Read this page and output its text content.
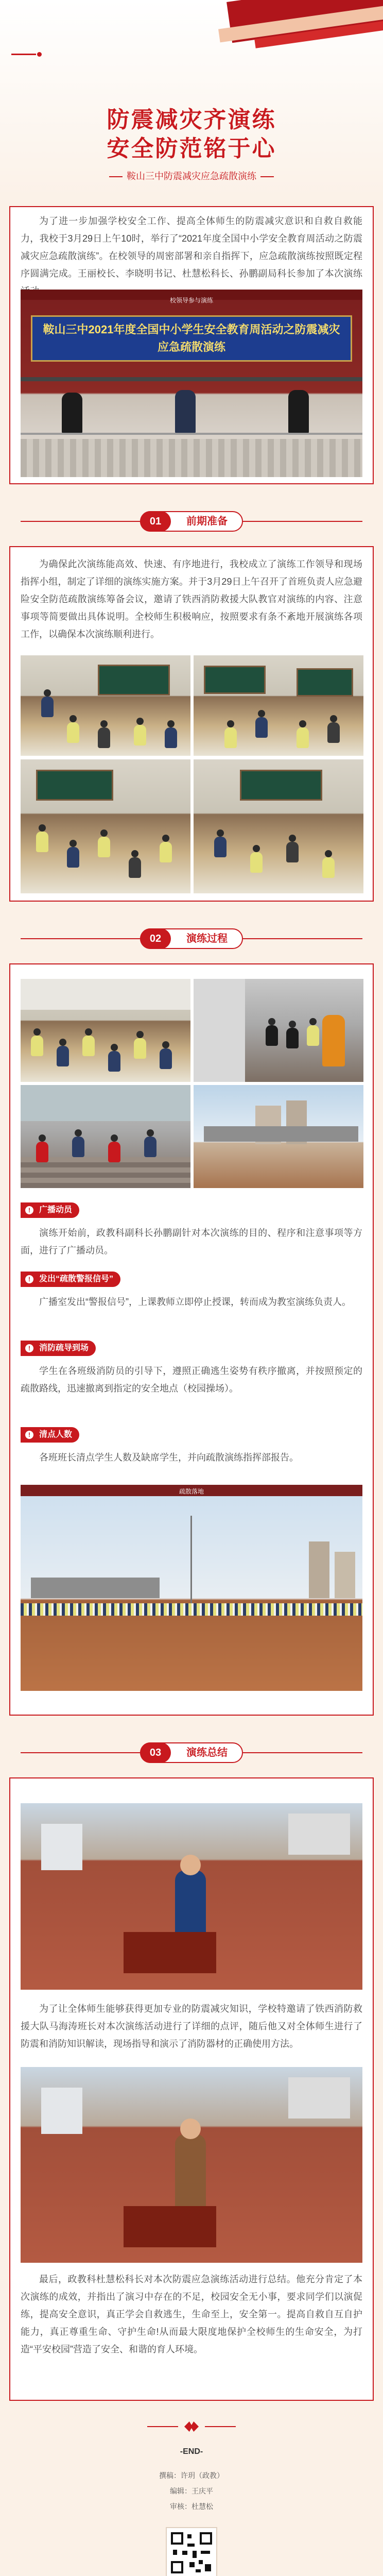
防震减灾齐演练
安全防范铭于心
鞍山三中防震减灾应急疏散演练
为了进一步加强学校安全工作、提高全体师生的防震减灾意识和自救自救能力，我校于3月29日上午10时，举行了“2021年度全国中小学安全教育周活动之防震减灾应急疏散演练”。在校领导的周密部署和亲自指挥下，应急疏散演练按照既定程序圆满完成。王丽校长、李晓明书记、杜慧松科长、孙鹏副局科长参加了本次演练
校领导参与演练
鞍山三中2021年度全国中小学生安全教育周活动之防震减灾应急疏散演练
01	前期准备
为确保此次演练能高效、快速、有序地进行，我校成立了演练工作领导和现场指挥小组，制定了详细的演练实施方案。并于3月29日上午召开了首班负责人应急避险安全防范疏散演练筹备会议，邀请了铁西消防救援大队教官对演练的内容、注意事项等简要做出具体说明。全校师生积极响应，按照要求有条不紊地开展演练各项工作，以确保本次演练顺利进行。
02	演练过程
!	广播动员
演练开始前，政教科副科长孙鹏副针对本次演练的目的、程序和注意事项等方面，进行了广播动员。
!	发出“疏散警报信号”
广播室发出“警报信号”，上课教师立即停止授课，转而成为教室演练负责人。
!	消防疏导到场
学生在各班级消防员的引导下，遵照正确逃生姿势有秩序撤离，并按照预定的疏散路线，迅速撤离到指定的安全地点（校园操场）。
!	清点人数
各班班长清点学生人数及缺席学生，并向疏散演练指挥部报告。
疏散落地
03	演练总结
为了让全体师生能够获得更加专业的防震减灾知识，学校特邀请了铁西消防救援大队马海涛班长对本次演练活动进行了详细的点评，随后他又对全体师生进行了防震和消防知识解读，现场指导和演示了消防器材的正确使用方法。
最后，政教科杜慧松科长对本次防震应急演练活动进行总结。他充分肯定了本次演练的成效，并指出了演习中存在的不足，校园安全无小事，要求同学们以演促练，提高安全意识，真正学会自救逃生，生命至上，安全第一。提高自救自互自护能力，真正尊重生命、守护生命!从而最大限度地保护全校师生的生命安全，为打造“平安校园”营造了安全、和谐的育人环境。
-END-
撰稿：许玥（政教）
编辑：王庆平
审核：杜慧松
